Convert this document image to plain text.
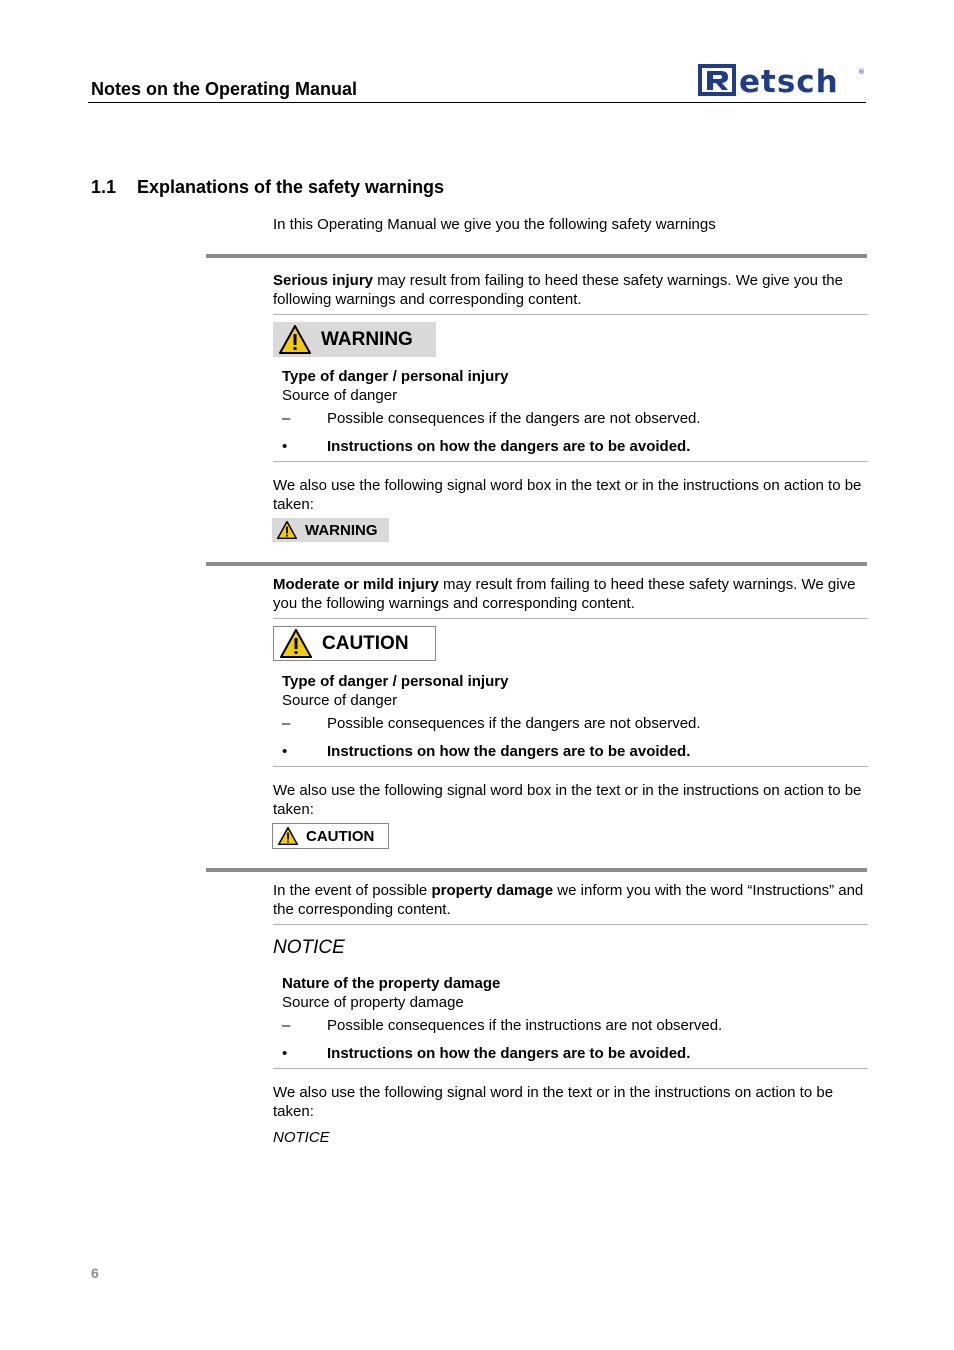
Notes on the Operating Manual	etsch	®
1.1 Explanations of the safety warnings
In this Operating Manual we give you the following safety warnings
Serious injury may result from failing to heed these safety warnings. We give you the following warnings and corresponding content.
WARNING
Type of danger / personal injury
Source of danger
–	Possible consequences if the dangers are not observed.
•	Instructions on how the dangers are to be avoided.
We also use the following signal word box in the text or in the instructions on action to be taken:
WARNING
Moderate or mild injury may result from failing to heed these safety warnings. We give you the following warnings and corresponding content.
CAUTION
Type of danger / personal injury
Source of danger
–	Possible consequences if the dangers are not observed.
•	Instructions on how the dangers are to be avoided.
We also use the following signal word box in the text or in the instructions on action to be taken:
CAUTION
In the event of possible property damage we inform you with the word “Instructions” and the corresponding content.
NOTICE
Nature of the property damage
Source of property damage
–	Possible consequences if the instructions are not observed.
•	Instructions on how the dangers are to be avoided.
We also use the following signal word in the text or in the instructions on action to be taken:
NOTICE
6
